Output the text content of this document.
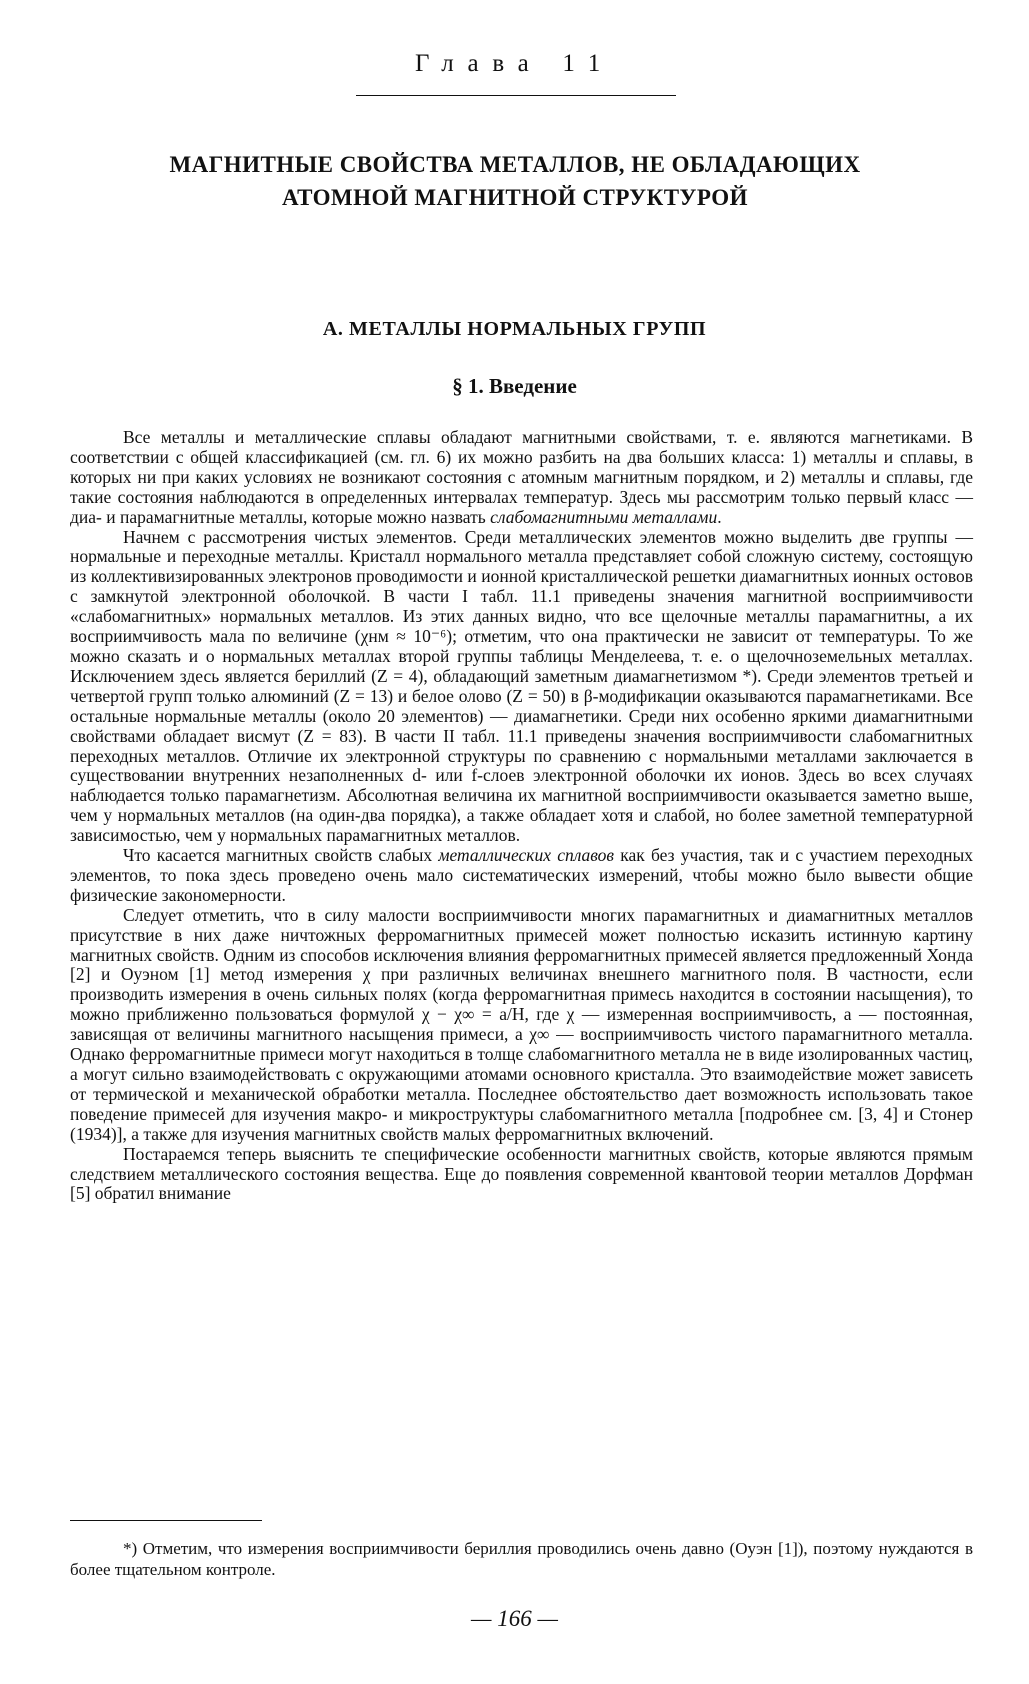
Глава 11
МАГНИТНЫЕ СВОЙСТВА МЕТАЛЛОВ, НЕ ОБЛАДАЮЩИХ
АТОМНОЙ МАГНИТНОЙ СТРУКТУРОЙ
А. МЕТАЛЛЫ НОРМАЛЬНЫХ ГРУПП
§ 1. Введение

Все металлы и металлические сплавы обладают магнитными свойствами, т. е. являются магнетиками. В соответствии с общей классификацией (см. гл. 6) их можно разбить на два больших класса: 1) металлы и сплавы, в которых ни при каких условиях не возникают состояния с атомным магнитным порядком, и 2) металлы и сплавы, где такие состояния наблюдаются в определенных интервалах температур. Здесь мы рассмотрим только первый класс — диа- и парамагнитные металлы, которые можно назвать слабомагнитными металлами.

Начнем с рассмотрения чистых элементов. Среди металлических элементов можно выделить две группы — нормальные и переходные металлы. Кристалл нормального металла представляет собой сложную систему, состоящую из коллективизированных электронов проводимости и ионной кристаллической решетки диамагнитных ионных остовов с замкнутой электронной оболочкой. В части I табл. 11.1 приведены значения магнитной восприимчивости «слабомагнитных» нормальных металлов. Из этих данных видно, что все щелочные металлы парамагнитны, а их восприимчивость мала по величине (χнм ≈ 10⁻⁶); отметим, что она практически не зависит от температуры. То же можно сказать и о нормальных металлах второй группы таблицы Менделеева, т. е. о щелочноземельных металлах. Исключением здесь является бериллий (Z = 4), обладающий заметным диамагнетизмом *). Среди элементов третьей и четвертой групп только алюминий (Z = 13) и белое олово (Z = 50) в β-модификации оказываются парамагнетиками. Все остальные нормальные металлы (около 20 элементов) — диамагнетики. Среди них особенно яркими диамагнитными свойствами обладает висмут (Z = 83). В части II табл. 11.1 приведены значения восприимчивости слабомагнитных переходных металлов. Отличие их электронной структуры по сравнению с нормальными металлами заключается в существовании внутренних незаполненных d- или f-слоев электронной оболочки их ионов. Здесь во всех случаях наблюдается только парамагнетизм. Абсолютная величина их магнитной восприимчивости оказывается заметно выше, чем у нормальных металлов (на один-два порядка), а также обладает хотя и слабой, но более заметной температурной зависимостью, чем у нормальных парамагнитных металлов.

Что касается магнитных свойств слабых металлических сплавов как без участия, так и с участием переходных элементов, то пока здесь проведено очень мало систематических измерений, чтобы можно было вывести общие физические закономерности.

Следует отметить, что в силу малости восприимчивости многих парамагнитных и диамагнитных металлов присутствие в них даже ничтожных ферромагнитных примесей может полностью исказить истинную картину магнитных свойств. Одним из способов исключения влияния ферромагнитных примесей является предложенный Хонда [2] и Оуэном [1] метод измерения χ при различных величинах внешнего магнитного поля. В частности, если производить измерения в очень сильных полях (когда ферромагнитная примесь находится в состоянии насыщения), то можно приближенно пользоваться формулой χ − χ∞ = a/H, где χ — измеренная восприимчивость, a — постоянная, зависящая от величины магнитного насыщения примеси, а χ∞ — восприимчивость чистого парамагнитного металла. Однако ферромагнитные примеси могут находиться в толще слабомагнитного металла не в виде изолированных частиц, а могут сильно взаимодействовать с окружающими атомами основного кристалла. Это взаимодействие может зависеть от термической и механической обработки металла. Последнее обстоятельство дает возможность использовать такое поведение примесей для изучения макро- и микроструктуры слабомагнитного металла [подробнее см. [3, 4] и Стонер (1934)], а также для изучения магнитных свойств малых ферромагнитных включений.

Постараемся теперь выяснить те специфические особенности магнитных свойств, которые являются прямым следствием металлического состояния вещества. Еще до появления современной квантовой теории металлов Дорфман [5] обратил внимание

*) Отметим, что измерения восприимчивости бериллия проводились очень давно (Оуэн [1]), поэтому нуждаются в более тщательном контроле.

— 166 —
